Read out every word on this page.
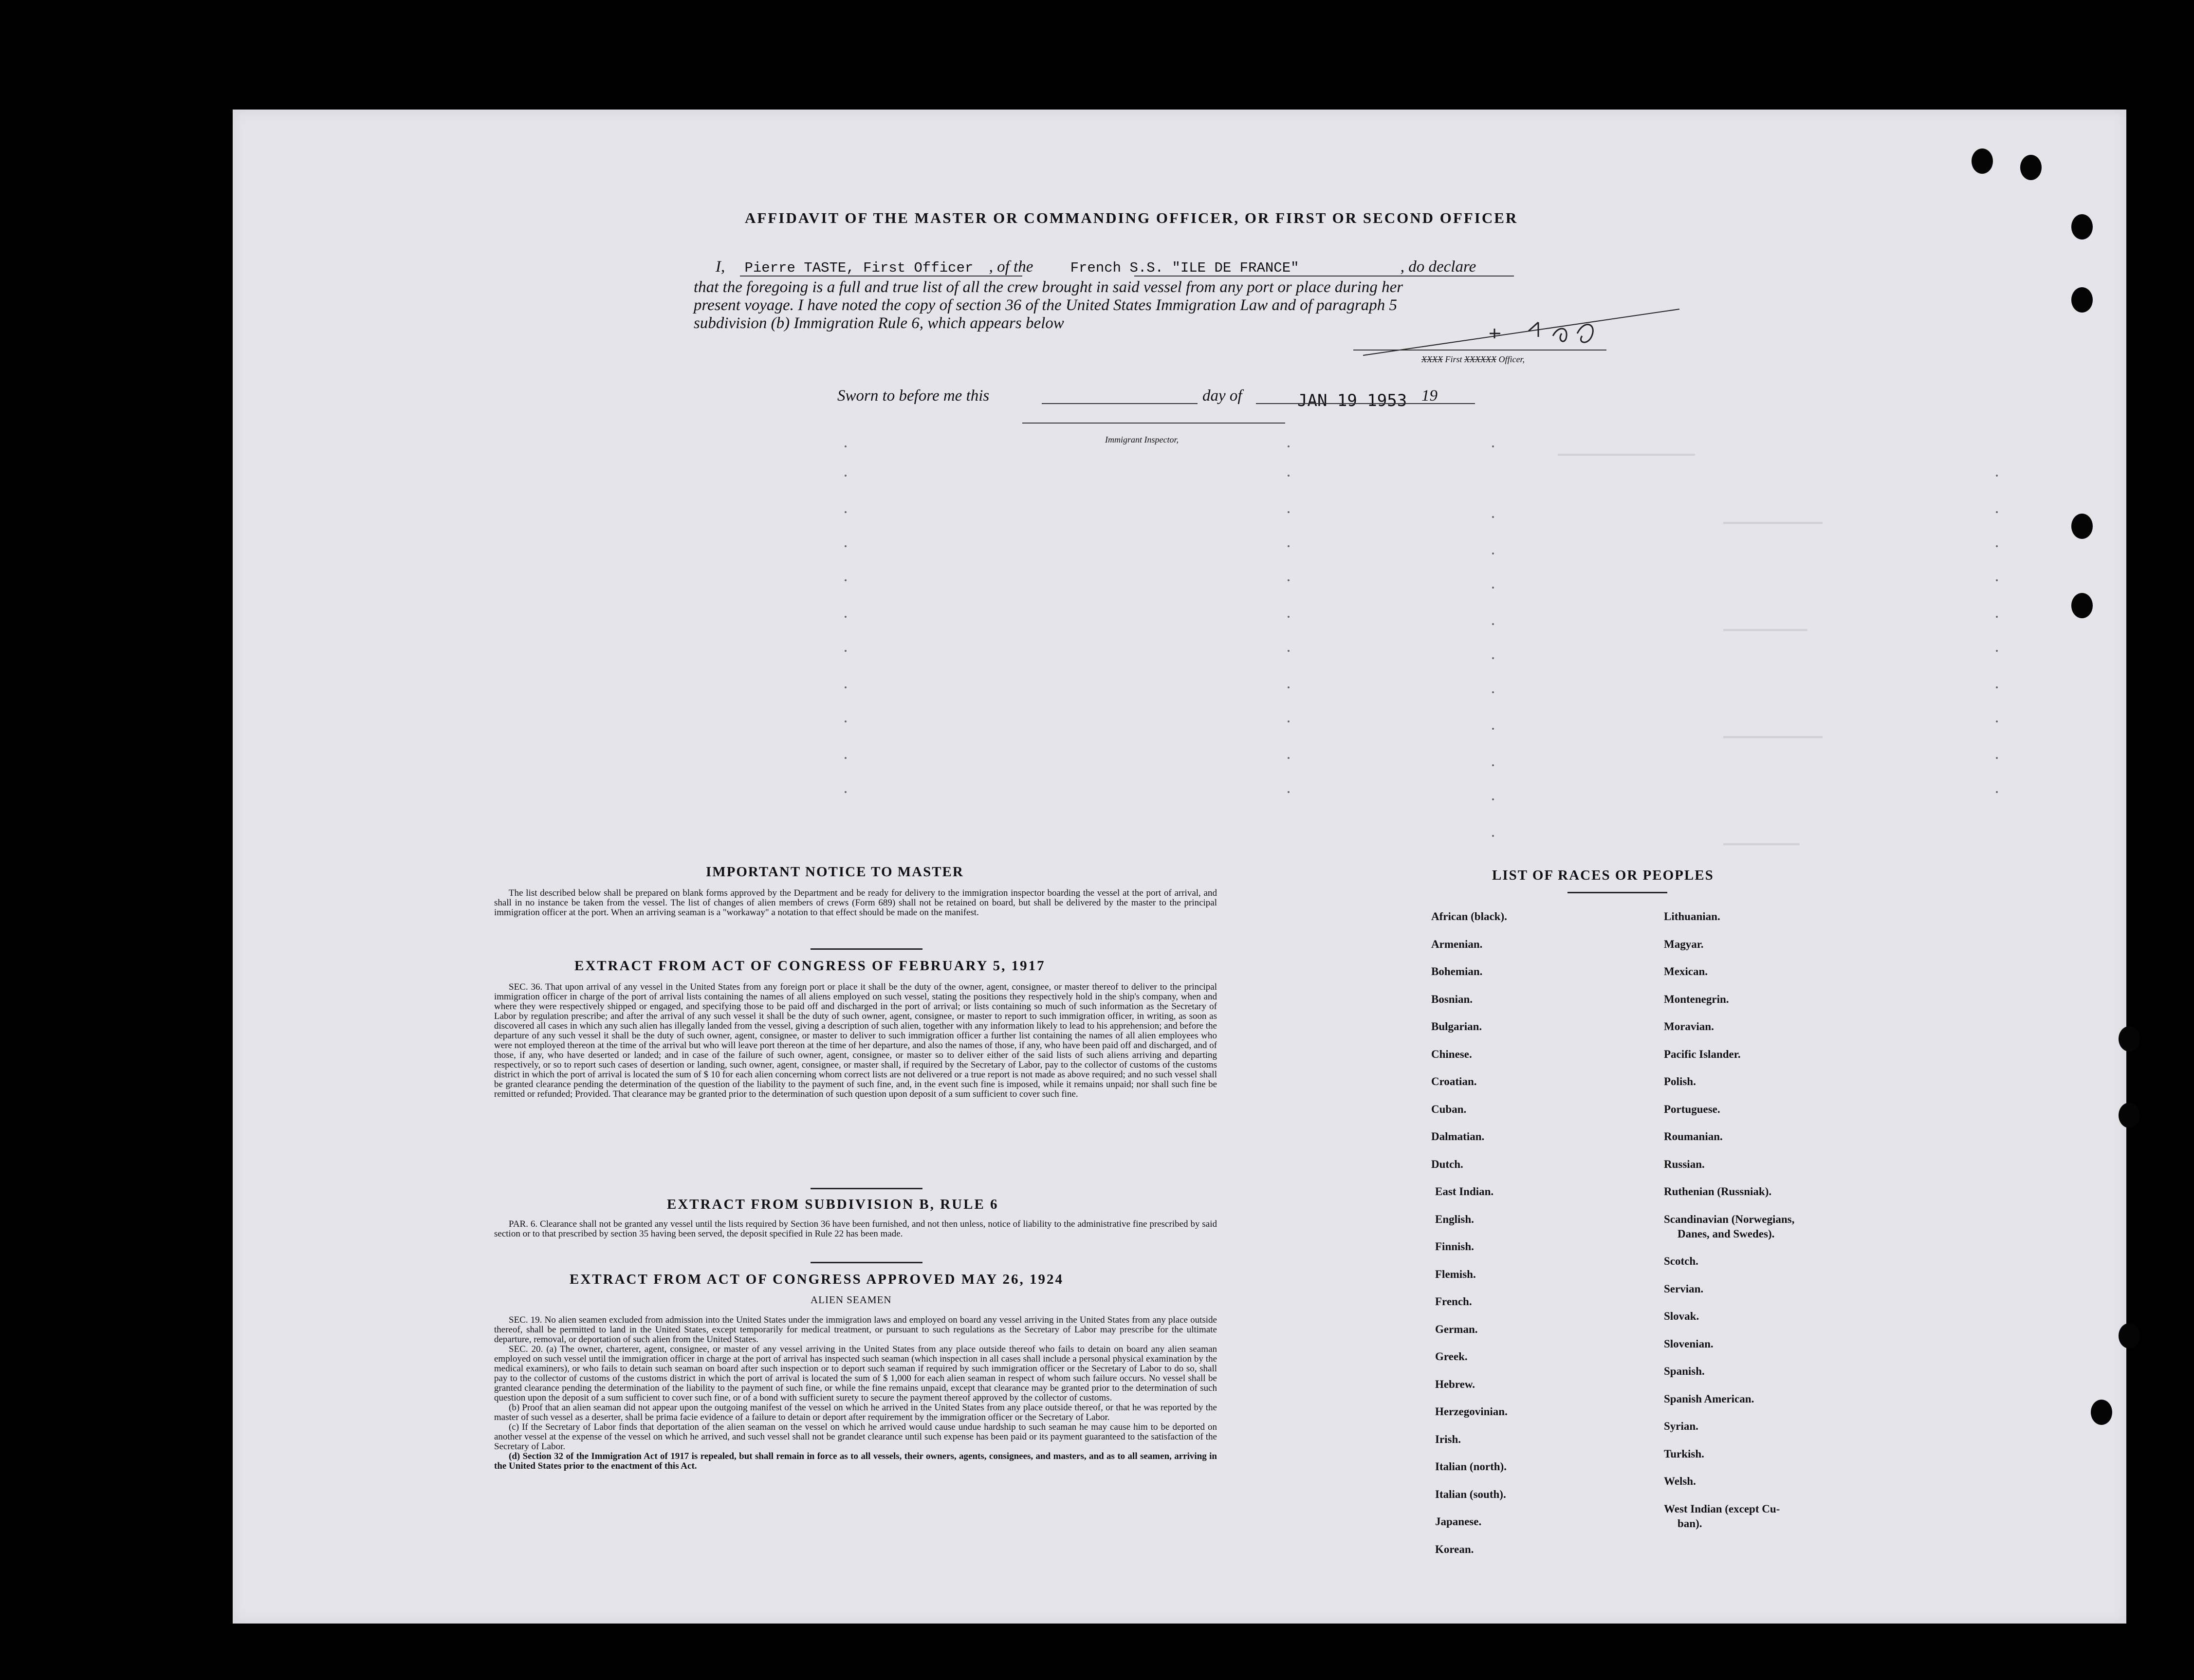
━━━━━━━━━━━━━━━━━━
━━━━━━━━━━━━━
━━━━━━━━━━━
━━━━━━━━━━━━━
━━━━━━━━━━
AFFIDAVIT OF THE MASTER OR COMMANDING OFFICER, OR FIRST OR SECOND OFFICER
I, Pierre TASTE, First Officer , of the	French S.S. "ILE DE FRANCE"	, do declare
that the foregoing is a full and true list of all the crew brought in said vessel from any port or place during her
present voyage. I have noted the copy of section 36 of the United States Immigration Law and of paragraph 5
subdivision (b) Immigration Rule 6, which appears below
XXXX First XXXXXX Officer,
Sworn to before me this	day of	JAN 19 1953 19
Immigrant Inspector,
IMPORTANT NOTICE TO MASTER

The list described below shall be prepared on blank forms approved by the Department and be ready for delivery to the immigration inspector boarding the vessel at the port of arrival, and shall in no instance be taken from the vessel. The list of changes of alien members of crews (Form 689) shall not be retained on board, but shall be delivered by the master to the principal immigration officer at the port. When an arriving seaman is a "workaway" a notation to that effect should be made on the manifest.

EXTRACT FROM ACT OF CONGRESS OF FEBRUARY 5, 1917

SEC. 36. That upon arrival of any vessel in the United States from any foreign port or place it shall be the duty of the owner, agent, consignee, or master thereof to deliver to the principal immigration officer in charge of the port of arrival lists containing the names of all aliens employed on such vessel, stating the positions they respectively hold in the ship's company, when and where they were respectively shipped or engaged, and specifying those to be paid off and discharged in the port of arrival; or lists containing so much of such information as the Secretary of Labor by regulation prescribe; and after the arrival of any such vessel it shall be the duty of such owner, agent, consignee, or master to report to such immigration officer, in writing, as soon as discovered all cases in which any such alien has illegally landed from the vessel, giving a description of such alien, together with any information likely to lead to his apprehension; and before the departure of any such vessel it shall be the duty of such owner, agent, consignee, or master to deliver to such immigration officer a further list containing the names of all alien employees who were not employed thereon at the time of the arrival but who will leave port thereon at the time of her departure, and also the names of those, if any, who have been paid off and discharged, and of those, if any, who have deserted or landed; and in case of the failure of such owner, agent, consignee, or master so to deliver either of the said lists of such aliens arriving and departing respectively, or so to report such cases of desertion or landing, such owner, agent, consignee, or master shall, if required by the Secretary of Labor, pay to the collector of customs of the customs district in which the port of arrival is located the sum of $ 10 for each alien concerning whom correct lists are not delivered or a true report is not made as above required; and no such vessel shall be granted clearance pending the determination of the question of the liability to the payment of such fine, and, in the event such fine is imposed, while it remains unpaid; nor shall such fine be remitted or refunded; Provided. That clearance may be granted prior to the determination of such question upon deposit of a sum sufficient to cover such fine.

EXTRACT FROM SUBDIVISION B, RULE 6

PAR. 6. Clearance shall not be granted any vessel until the lists required by Section 36 have been furnished, and not then unless, notice of liability to the administrative fine prescribed by said section or to that prescribed by section 35 having been served, the deposit specified in Rule 22 has been made.

EXTRACT FROM ACT OF CONGRESS APPROVED MAY 26, 1924
ALIEN SEAMEN

SEC. 19. No alien seamen excluded from admission into the United States under the immigration laws and employed on board any vessel arriving in the United States from any place outside thereof, shall be permitted to land in the United States, except temporarily for medical treatment, or pursuant to such regulations as the Secretary of Labor may prescribe for the ultimate departure, removal, or deportation of such alien from the United States.

SEC. 20. (a) The owner, charterer, agent, consignee, or master of any vessel arriving in the United States from any place outside thereof who fails to detain on board any alien seaman employed on such vessel until the immigration officer in charge at the port of arrival has inspected such seaman (which inspection in all cases shall include a personal physical examination by the medical examiners), or who fails to detain such seaman on board after such inspection or to deport such seaman if required by such immigration officer or the Secretary of Labor to do so, shall pay to the collector of customs of the customs district in which the port of arrival is located the sum of $ 1,000 for each alien seaman in respect of whom such failure occurs. No vessel shall be granted clearance pending the determination of the liability to the payment of such fine, or while the fine remains unpaid, except that clearance may be granted prior to the determination of such question upon the deposit of a sum sufficient to cover such fine, or of a bond with sufficient surety to secure the payment thereof approved by the collector of customs.

(b) Proof that an alien seaman did not appear upon the outgoing manifest of the vessel on which he arrived in the United States from any place outside thereof, or that he was reported by the master of such vessel as a deserter, shall be prima facie evidence of a failure to detain or deport after requirement by the immigration officer or the Secretary of Labor.

(c) If the Secretary of Labor finds that deportation of the alien seaman on the vessel on which he arrived would cause undue hardship to such seaman he may cause him to be deported on another vessel at the expense of the vessel on which he arrived, and such vessel shall not be grandet clearance until such expense has been paid or its payment guaranteed to the satisfaction of the Secretary of Labor.

(d) Section 32 of the Immigration Act of 1917 is repealed, but shall remain in force as to all vessels, their owners, agents, consignees, and masters, and as to all seamen, arriving in the United States prior to the enactment of this Act.

LIST OF RACES OR PEOPLES
African (black).
Armenian.
Bohemian.
Bosnian.
Bulgarian.
Chinese.
Croatian.
Cuban.
Dalmatian.
Dutch.
East Indian.
English.
Finnish.
Flemish.
French.
German.
Greek.
Hebrew.
Herzegovinian.
Irish.
Italian (north).
Italian (south).
Japanese.
Korean.
Lithuanian.
Magyar.
Mexican.
Montenegrin.
Moravian.
Pacific Islander.
Polish.
Portuguese.
Roumanian.
Russian.
Ruthenian (Russniak).
Scandinavian (Norwegians,
Danes, and Swedes).
Scotch.
Servian.
Slovak.
Slovenian.
Spanish.
Spanish American.
Syrian.
Turkish.
Welsh.
West Indian (except Cu-
ban).
